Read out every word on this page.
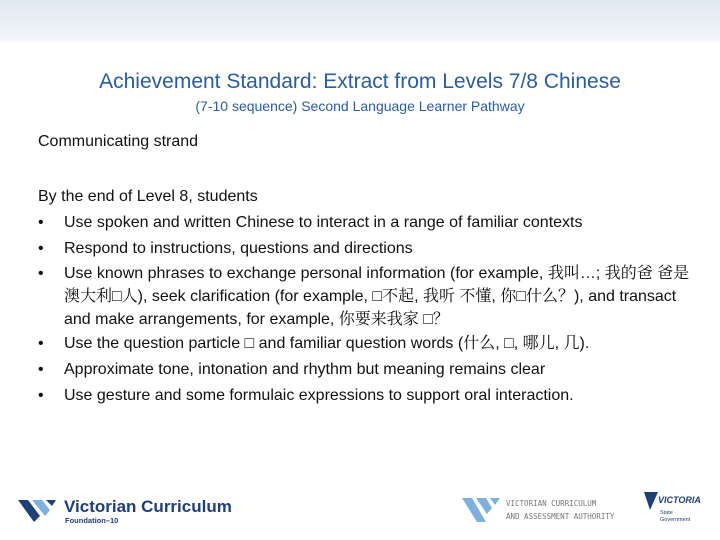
Achievement Standard: Extract from Levels 7/8 Chinese
(7-10 sequence) Second Language Learner Pathway
Communicating strand
By the end of Level 8, students
•	Use spoken and written Chinese to interact in a range of familiar contexts
•	Respond to instructions, questions and directions
•	Use known phrases to exchange personal information (for example, 我叫…; 我的爸 爸是澳大利□人), seek clarification (for example, □不起, 我听 不懂, 你□什么？), and transact and make arrangements, for example, 你要来我家 □？
•	Use the question particle □ and familiar question words (什么, □, 哪儿, 几).
•	Approximate tone, intonation and rhythm but meaning remains clear
•	Use gesture and some formulaic expressions to support oral interaction.
Victorian Curriculum
Foundation–10
VICTORIAN CURRICULUM
AND ASSESSMENT AUTHORITY
VICTORIA
State
Government
